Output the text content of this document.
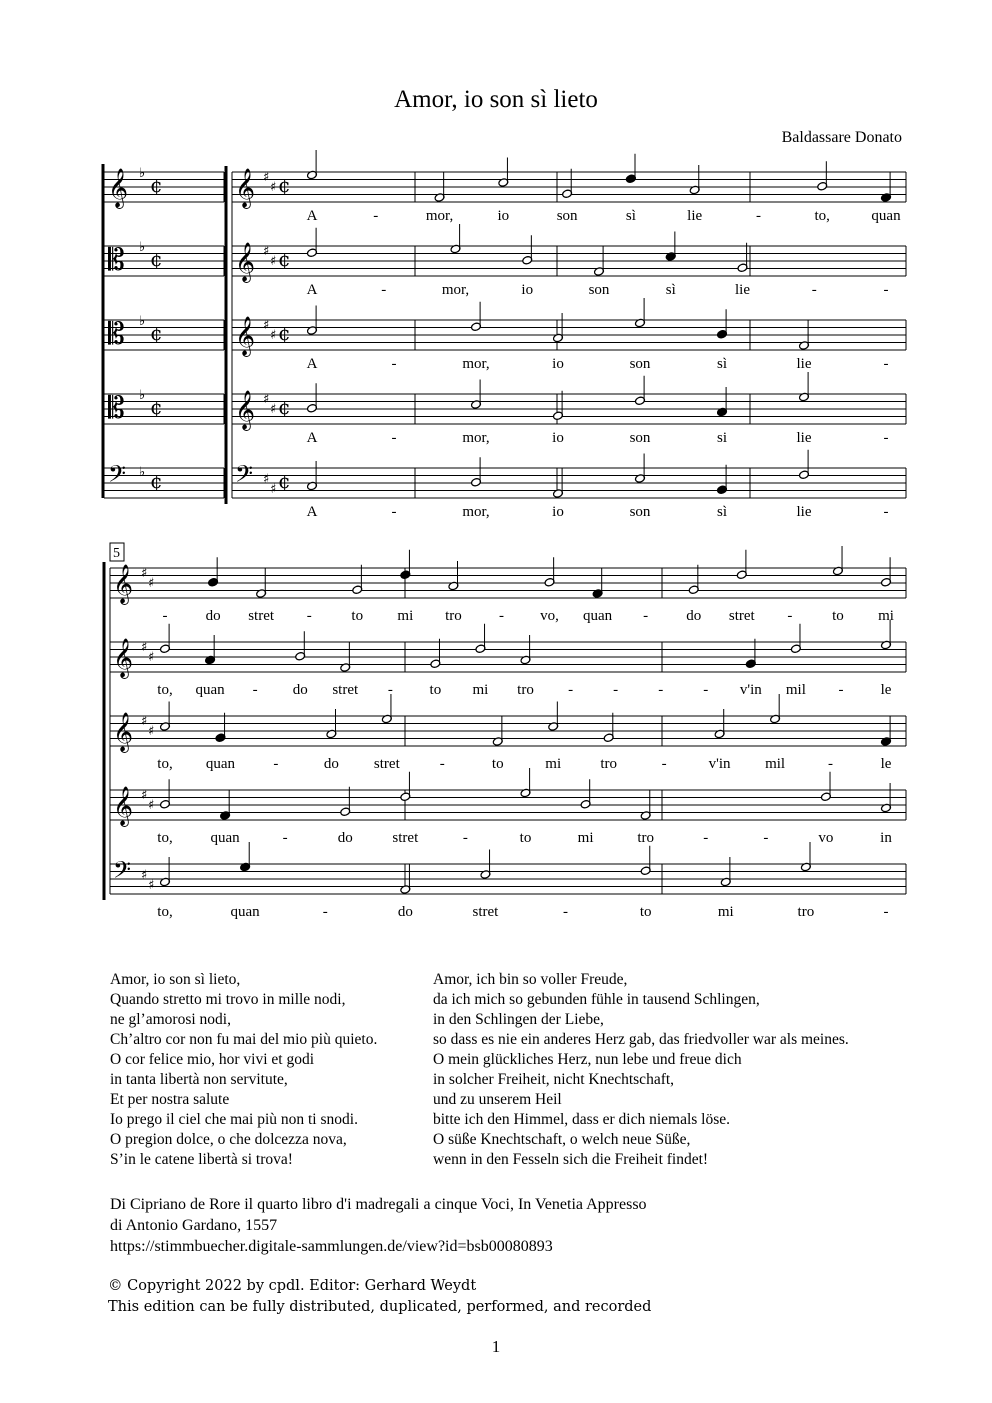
Amor, io son sì lieto
Baldassare Donato
𝄞 ♭ ¢
𝄡 ♭ ¢
𝄡 ♭ ¢
𝄡 ♭ ¢
𝄢 ♭ ¢
𝄞 ♯
♯ ¢
A	-	mor,	io	son	sì	lie	-	to,	quan
𝄞 ♯
♯ ¢
A	-	mor,	io	son	sì	lie	-	-
𝄞 ♯
♯ ¢
A	-	mor,	io	son	sì	lie	-
𝄞 ♯
♯ ¢
A	-	mor,	io	son	si	lie	-
𝄢 ♯
♯ ¢
A	-	mor,	io	son	sì	lie	-
𝄞 ♯
♯
-	do stret -	to mi tro - vo, quan -	do stret -	to mi
𝄞 ♯
♯
to, quan - do stret - to mi tro -	-	-	- v'in mil - le
𝄞 ♯
♯
to, quan	-	do stret	-	to	mi	tro	-	v'in mil	-	le
𝄞 ♯
♯
to,	quan	-	do	stret	-	to	mi	tro	-	-	vo	in
𝄢 ♯
♯
to,	quan	-	do	stret	-	to	mi	tro	-
5
Amor, io son sì lieto,
Quando stretto mi trovo in mille nodi,
ne gl’amorosi nodi,
Ch’altro cor non fu mai del mio più quieto.
O cor felice mio, hor vivi et godi
in tanta libertà non servitute,
Et per nostra salute
Io prego il ciel che mai più non ti snodi.
O pregion dolce, o che dolcezza nova,
S’in le catene libertà si trova!
Amor, ich bin so voller Freude,
da ich mich so gebunden fühle in tausend Schlingen,
in den Schlingen der Liebe,
so dass es nie ein anderes Herz gab, das friedvoller war als meines.
O mein glückliches Herz, nun lebe und freue dich
in solcher Freiheit, nicht Knechtschaft,
und zu unserem Heil
bitte ich den Himmel, dass er dich niemals löse.
O süße Knechtschaft, o welch neue Süße,
wenn in den Fesseln sich die Freiheit findet!
Di Cipriano de Rore il quarto libro d'i madregali a cinque Voci, In Venetia Appresso
di Antonio Gardano, 1557
https://stimmbuecher.digitale-sammlungen.de/view?id=bsb00080893
© Copyright 2022 by cpdl. Editor: Gerhard Weydt
This edition can be fully distributed, duplicated, performed, and recorded
1
